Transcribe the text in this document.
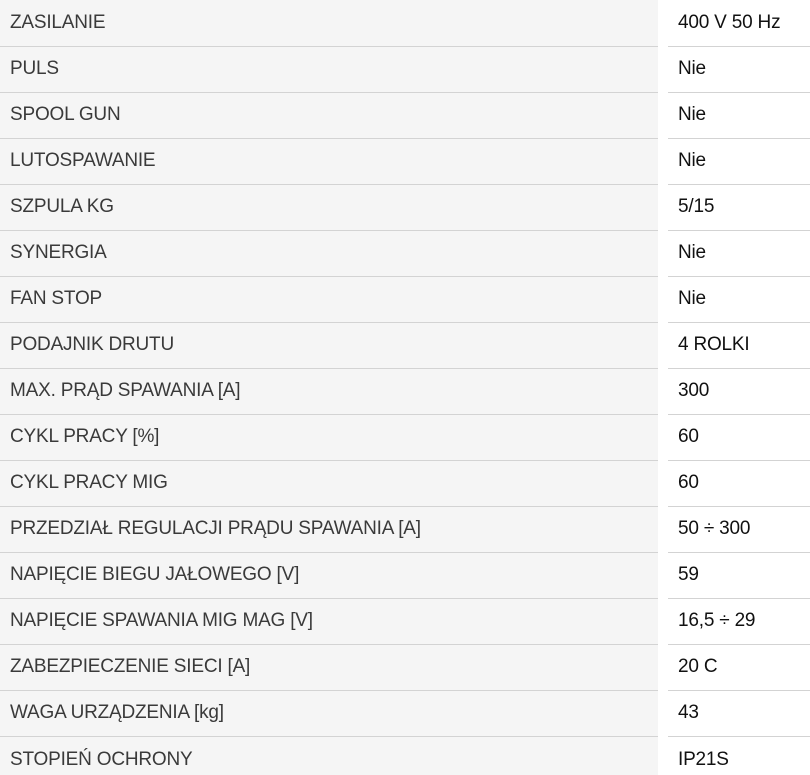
ZASILANIE	400 V 50 Hz
PULS	Nie
SPOOL GUN	Nie
LUTOSPAWANIE	Nie
SZPULA KG	5/15
SYNERGIA	Nie
FAN STOP	Nie
PODAJNIK DRUTU	4 ROLKI
MAX. PRĄD SPAWANIA [A]	300
CYKL PRACY [%]	60
CYKL PRACY MIG	60
PRZEDZIAŁ REGULACJI PRĄDU SPAWANIA [A]	50 ÷ 300
NAPIĘCIE BIEGU JAŁOWEGO [V]	59
NAPIĘCIE SPAWANIA MIG MAG [V]	16,5 ÷ 29
ZABEZPIECZENIE SIECI [A]	20 C
WAGA URZĄDZENIA [kg]	43
STOPIEŃ OCHRONY	IP21S
